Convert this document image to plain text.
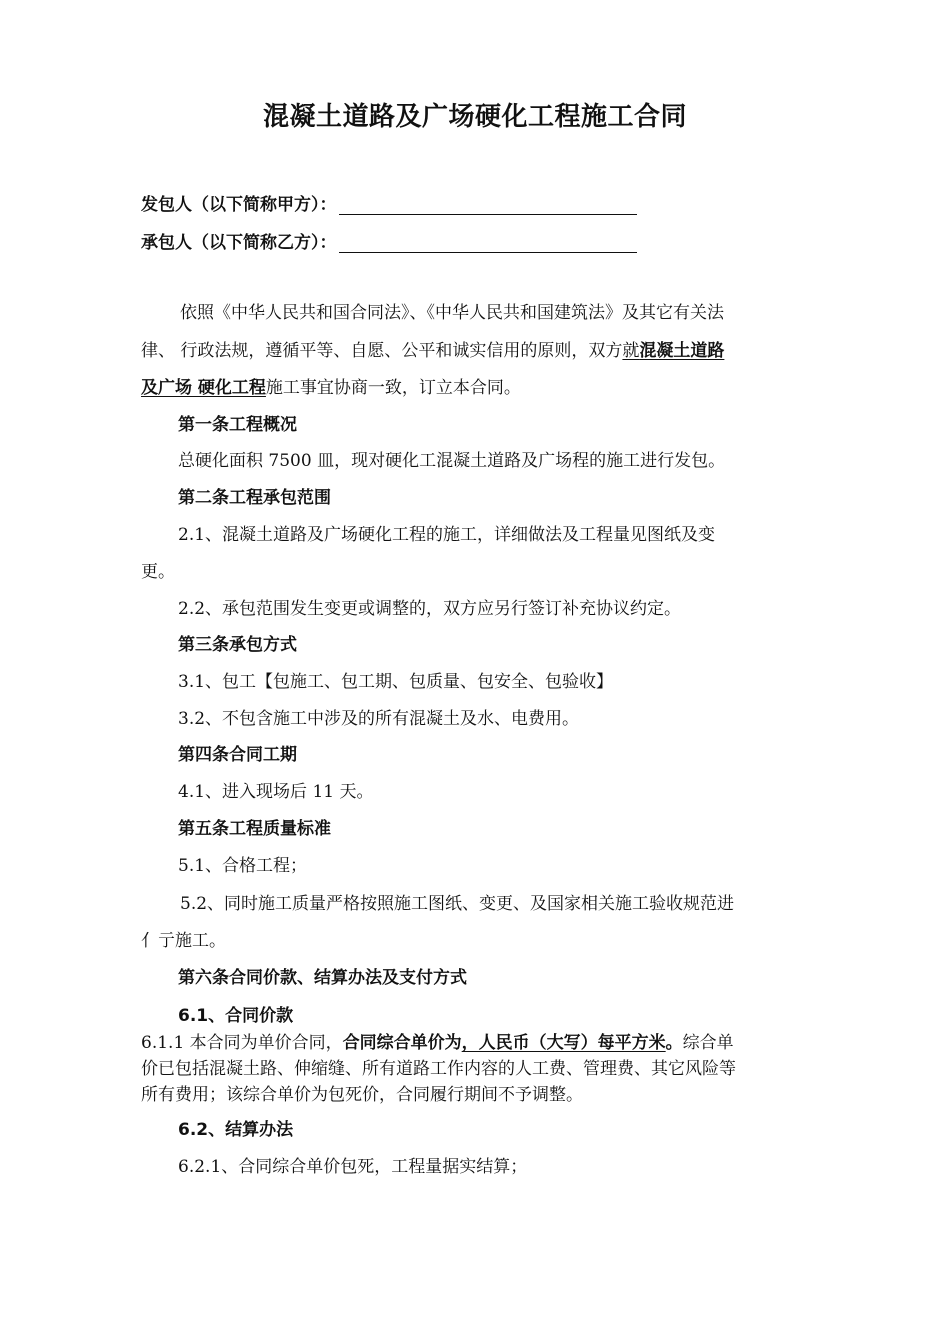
混凝土道路及广场硬化工程施工合同
发包人（以下简称甲方）：
承包人（以下简称乙方）：
依照《中华人民共和国合同法》、《中华人民共和国建筑法》及其它有关法
律、 行政法规，遵循平等、自愿、公平和诚实信用的原则，双方就混凝土道路
及广场 硬化工程施工事宜协商一致，订立本合同。
第一条工程概况
总硬化面积 7500 皿，现对硬化工混凝土道路及广场程的施工进行发包。
第二条工程承包范围
2.1、混凝土道路及广场硬化工程的施工，详细做法及工程量见图纸及变
更。
2.2、承包范围发生变更或调整的，双方应另行签订补充协议约定。
第三条承包方式
3.1、包工【包施工、包工期、包质量、包安全、包验收】
3.2、不包含施工中涉及的所有混凝土及水、电费用。
第四条合同工期
4.1、进入现场后 11 天。
第五条工程质量标准
5.1、合格工程；
5.2、同时施工质量严格按照施工图纸、变更、及国家相关施工验收规范进
亻亍施工。
第六条合同价款、结算办法及支付方式
6.1、合同价款
6.1.1 本合同为单价合同，合同综合单价为，人民币（大写）每平方米。综合单
价已包括混凝土路、伸缩缝、所有道路工作内容的人工费、管理费、其它风险等
所有费用；该综合单价为包死价，合同履行期间不予调整。
6.2、结算办法
6.2.1、合同综合单价包死，工程量据实结算；
